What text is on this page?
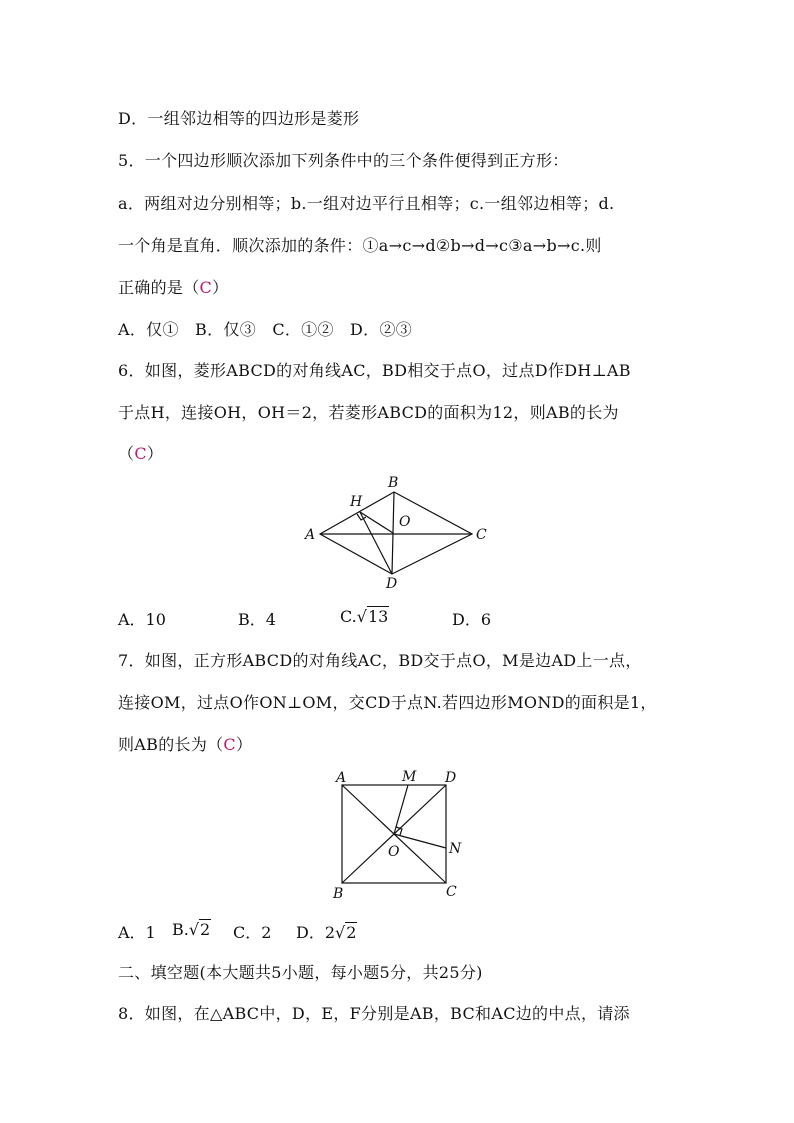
D．一组邻边相等的四边形是菱形
5．一个四边形顺次添加下列条件中的三个条件便得到正方形：
a．两组对边分别相等；b.一组对边平行且相等；c.一组邻边相等；d.
一个角是直角．顺次添加的条件：①a→c→d②b→d→c③a→b→c.则
正确的是（C）
A．仅①　B．仅③　C．①②　D．②③
6．如图，菱形ABCD的对角线AC，BD相交于点O，过点D作DH⊥AB
于点H，连接OH，OH＝2，若菱形ABCD的面积为12，则AB的长为
（C）
A
B
C
D
H
O
A．10	B．4	C.√13	D．6
7．如图，正方形ABCD的对角线AC，BD交于点O，M是边AD上一点，
连接OM，过点O作ON⊥OM，交CD于点N.若四边形MOND的面积是1，
则AB的长为（C）
A
B	C
D
M
N
O
A．1 B.√2 C．2 D．2√2
二、填空题(本大题共5小题，每小题5分，共25分)
8．如图，在△ABC中，D，E，F分别是AB，BC和AC边的中点，请添
